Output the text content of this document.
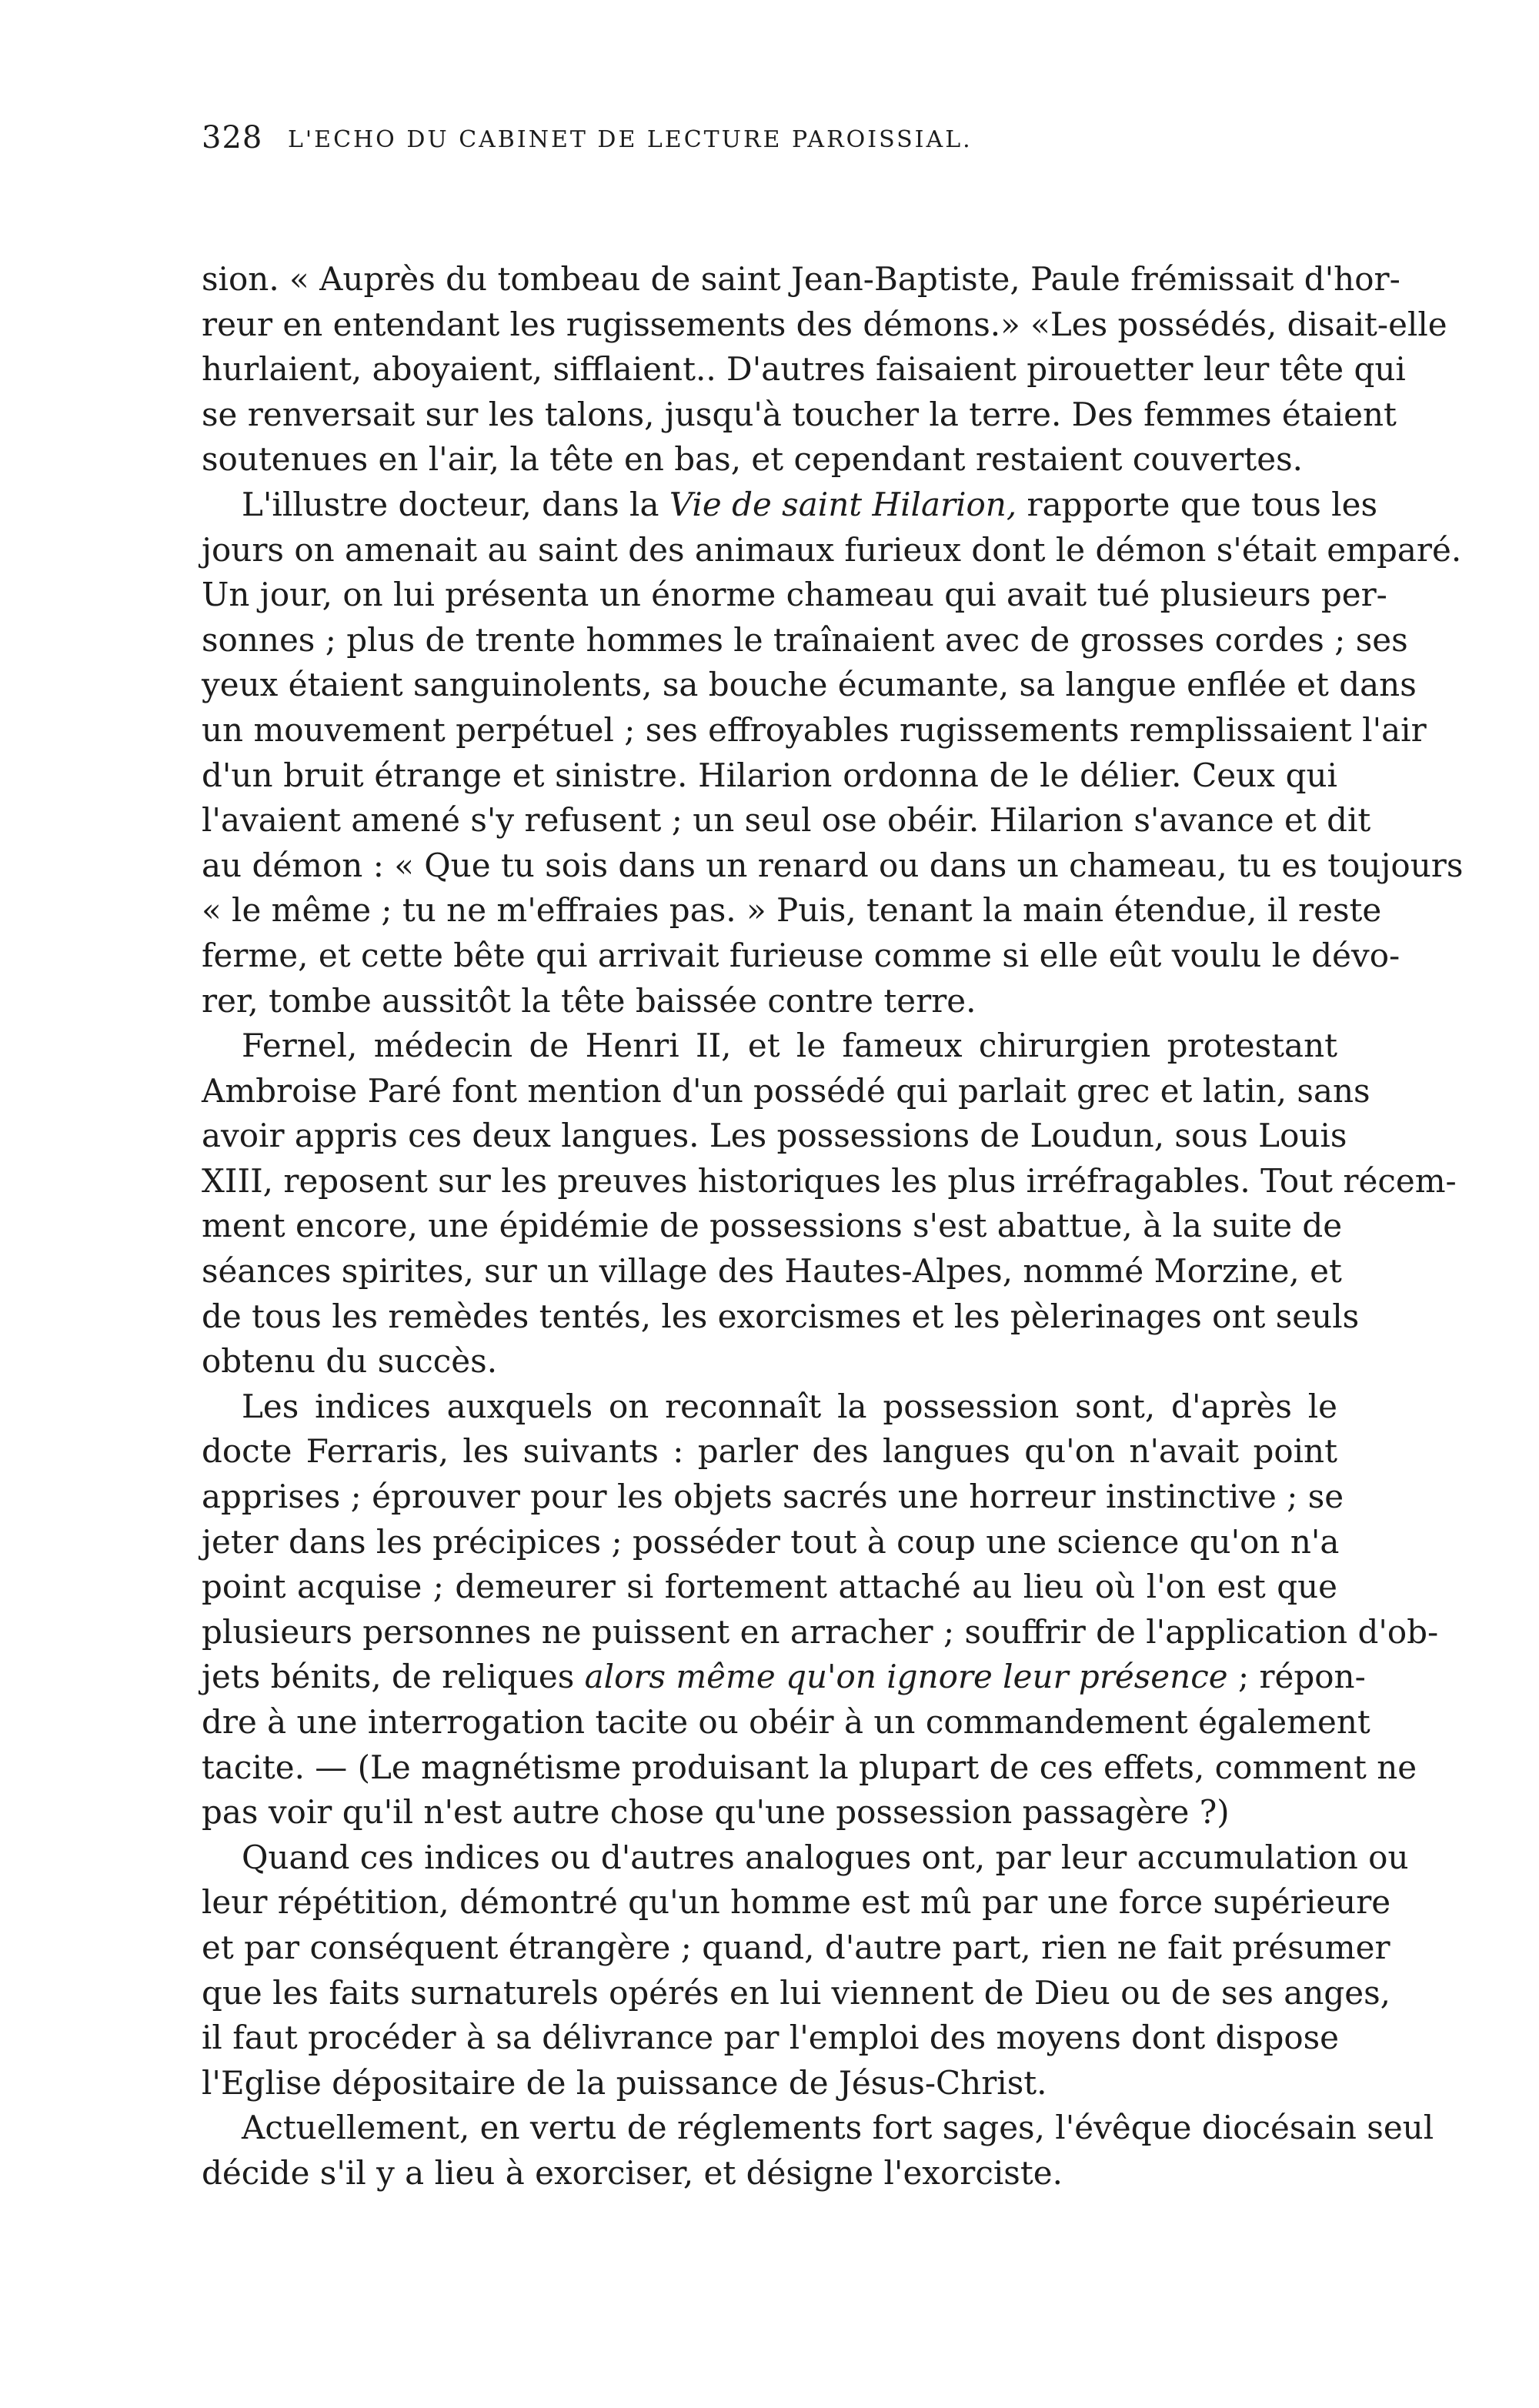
328 L'ECHO DU CABINET DE LECTURE PAROISSIAL.

sion. « Auprès du tombeau de saint Jean-Baptiste, Paule frémissait d'hor-
reur en entendant les rugissements des démons.» «Les possédés, disait-elle
hurlaient, aboyaient, sifflaient.. D'autres faisaient pirouetter leur tête qui
se renversait sur les talons, jusqu'à toucher la terre. Des femmes étaient
soutenues en l'air, la tête en bas, et cependant restaient couvertes.

L'illustre docteur, dans la Vie de saint Hilarion, rapporte que tous les
jours on amenait au saint des animaux furieux dont le démon s'était emparé.
Un jour, on lui présenta un énorme chameau qui avait tué plusieurs per-
sonnes ; plus de trente hommes le traînaient avec de grosses cordes ; ses
yeux étaient sanguinolents, sa bouche écumante, sa langue enflée et dans
un mouvement perpétuel ; ses effroyables rugissements remplissaient l'air
d'un bruit étrange et sinistre. Hilarion ordonna de le délier. Ceux qui
l'avaient amené s'y refusent ; un seul ose obéir. Hilarion s'avance et dit
au démon : « Que tu sois dans un renard ou dans un chameau, tu es toujours
« le même ; tu ne m'effraies pas. » Puis, tenant la main étendue, il reste
ferme, et cette bête qui arrivait furieuse comme si elle eût voulu le dévo-
rer, tombe aussitôt la tête baissée contre terre.

Fernel, médecin de Henri II, et le fameux chirurgien protestant
Ambroise Paré font mention d'un possédé qui parlait grec et latin, sans
avoir appris ces deux langues. Les possessions de Loudun, sous Louis
XIII, reposent sur les preuves historiques les plus irréfragables. Tout récem-
ment encore, une épidémie de possessions s'est abattue, à la suite de
séances spirites, sur un village des Hautes-Alpes, nommé Morzine, et
de tous les remèdes tentés, les exorcismes et les pèlerinages ont seuls
obtenu du succès.

Les indices auxquels on reconnaît la possession sont, d'après le
docte Ferraris, les suivants : parler des langues qu'on n'avait point
apprises ; éprouver pour les objets sacrés une horreur instinctive ; se
jeter dans les précipices ; posséder tout à coup une science qu'on n'a
point acquise ; demeurer si fortement attaché au lieu où l'on est que
plusieurs personnes ne puissent en arracher ; souffrir de l'application d'ob-
jets bénits, de reliques alors même qu'on ignore leur présence ; répon-
dre à une interrogation tacite ou obéir à un commandement également
tacite. — (Le magnétisme produisant la plupart de ces effets, comment ne
pas voir qu'il n'est autre chose qu'une possession passagère ?)

Quand ces indices ou d'autres analogues ont, par leur accumulation ou
leur répétition, démontré qu'un homme est mû par une force supérieure
et par conséquent étrangère ; quand, d'autre part, rien ne fait présumer
que les faits surnaturels opérés en lui viennent de Dieu ou de ses anges,
il faut procéder à sa délivrance par l'emploi des moyens dont dispose
l'Eglise dépositaire de la puissance de Jésus-Christ.

Actuellement, en vertu de réglements fort sages, l'évêque diocésain seul
décide s'il y a lieu à exorciser, et désigne l'exorciste.
